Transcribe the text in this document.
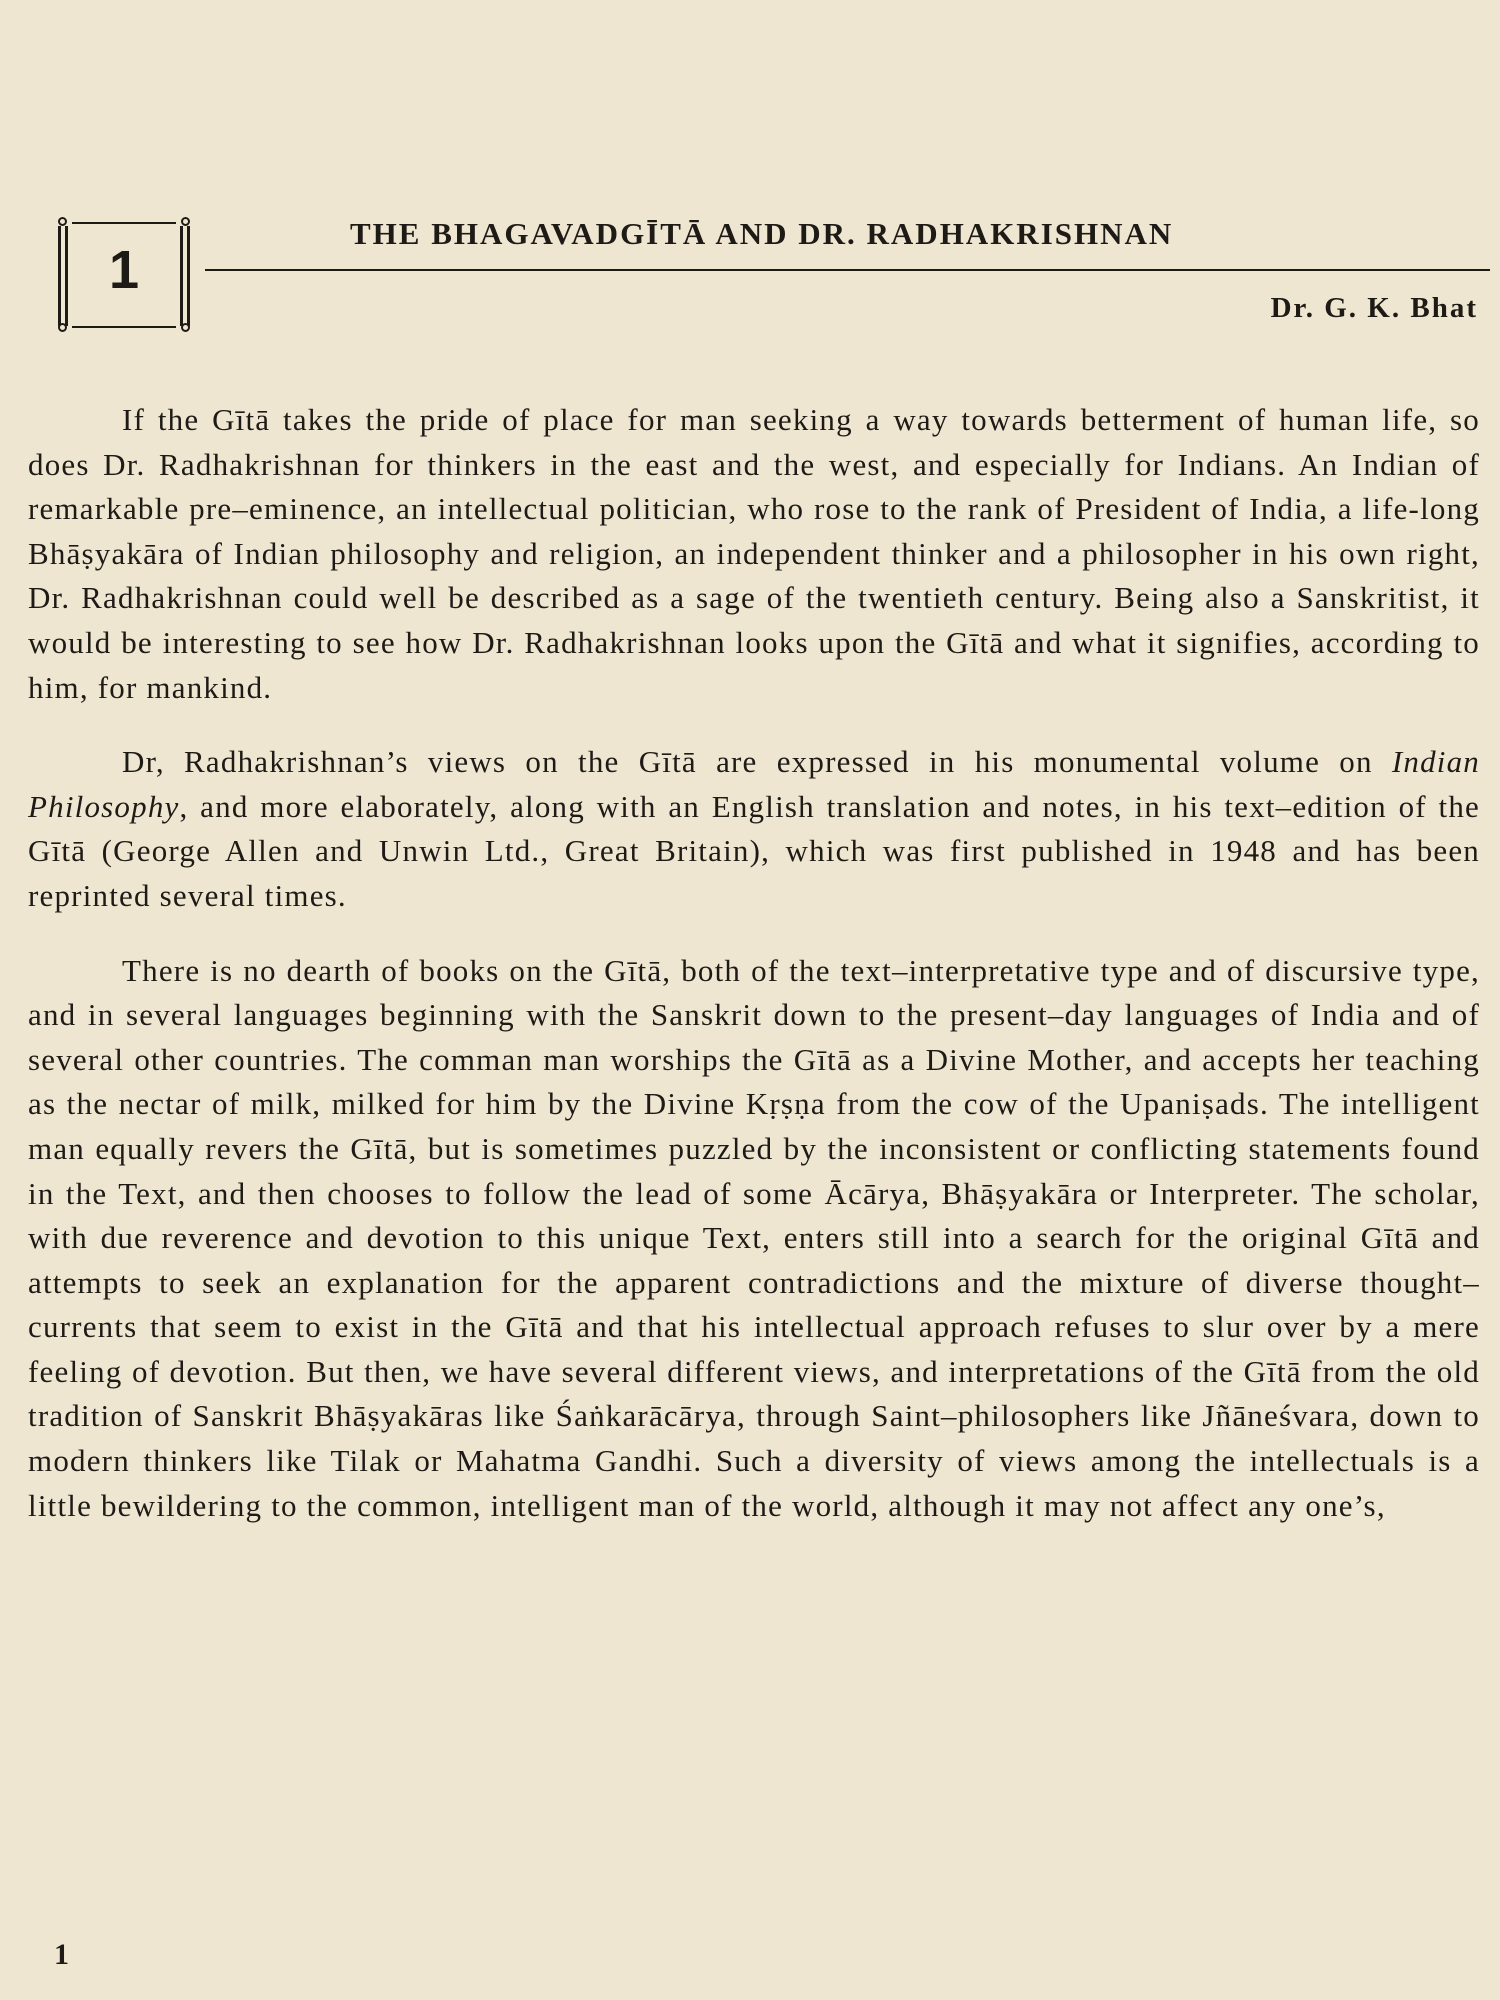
1
THE BHAGAVADGĪTĀ AND DR. RADHAKRISHNAN
Dr. G. K. Bhat

If the Gītā takes the pride of place for man seeking a way towards betterment of human life, so does Dr. Radhakrishnan for thinkers in the east and the west, and especially for Indians. An Indian of remarkable pre–eminence, an intellectual politician, who rose to the rank of President of India, a life-long Bhāṣyakāra of Indian philosophy and religion, an independent thinker and a philosopher in his own right, Dr. Radhakrishnan could well be described as a sage of the twentieth century. Being also a Sanskritist, it would be interesting to see how Dr. Radhakrishnan looks upon the Gītā and what it signifies, according to him, for mankind.

Dr, Radhakrishnan’s views on the Gītā are expressed in his monumental volume on Indian Philosophy, and more elaborately, along with an English translation and notes, in his text–edition of the Gītā (George Allen and Unwin Ltd., Great Britain), which was first published in 1948 and has been reprinted several times.

There is no dearth of books on the Gītā, both of the text–interpretative type and of discursive type, and in several languages beginning with the Sanskrit down to the present–day languages of India and of several other countries. The comman man worships the Gītā as a Divine Mother, and accepts her teaching as the nectar of milk, milked for him by the Divine Kṛṣṇa from the cow of the Upaniṣads. The intelligent man equally revers the Gītā, but is sometimes puzzled by the inconsistent or conflicting statements found in the Text, and then chooses to follow the lead of some Ācārya, Bhāṣyakāra or Interpreter. The scholar, with due reverence and devotion to this unique Text, enters still into a search for the original Gītā and attempts to seek an explanation for the apparent contradictions and the mixture of diverse thought–currents that seem to exist in the Gītā and that his intellectual approach refuses to slur over by a mere feeling of devotion. But then, we have several different views, and interpretations of the Gītā from the old tradition of Sanskrit Bhāṣyakāras like Śaṅkarācārya, through Saint–philosophers like Jñāneśvara, down to modern thinkers like Tilak or Mahatma Gandhi. Such a diversity of views among the intellectuals is a little bewildering to the common, intelligent man of the world, although it may not affect any one’s,

1
